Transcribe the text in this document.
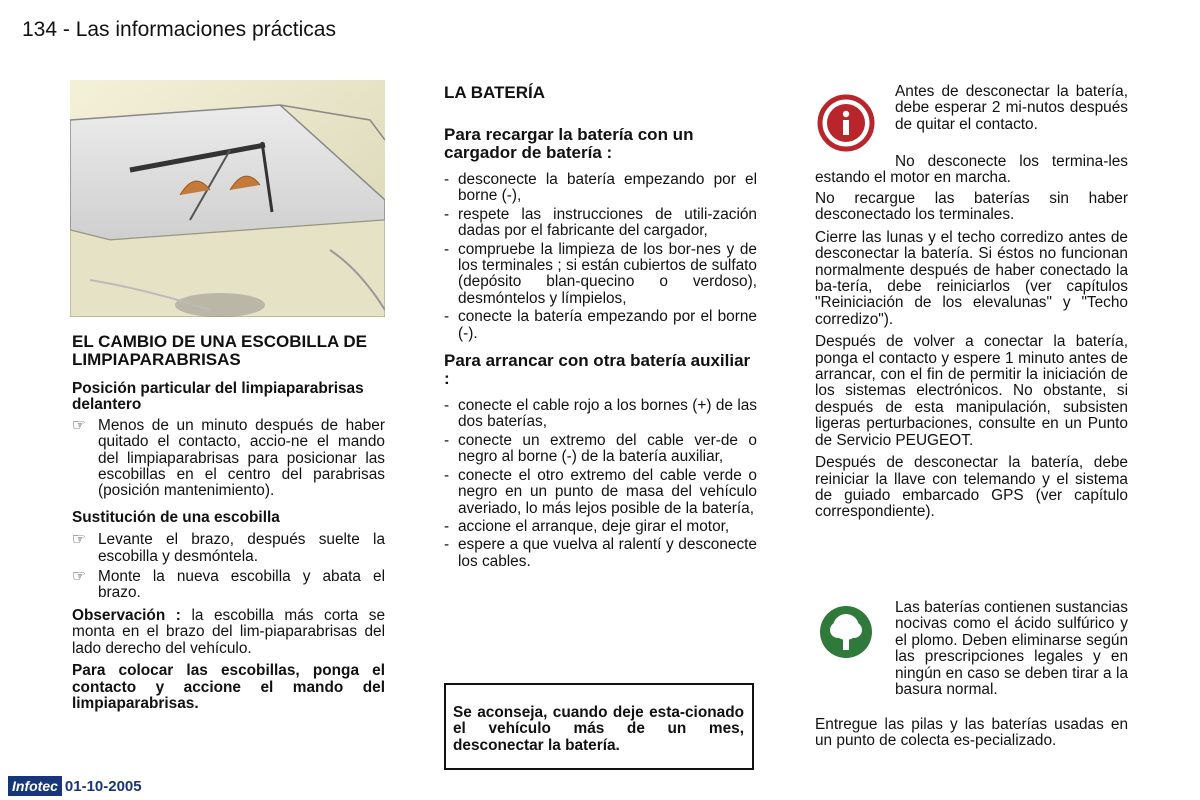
134 - Las informaciones prácticas
EL CAMBIO DE UNA ESCOBILLA DE LIMPIAPARABRISAS
Posición particular del limpiaparabrisas delantero
☞ Menos de un minuto después de haber quitado el contacto, accio-ne el mando del limpiaparabrisas para posicionar las escobillas en el centro del parabrisas (posición mantenimiento).
Sustitución de una escobilla
☞ Levante el brazo, después suelte la escobilla y desmóntela.
☞ Monte la nueva escobilla y abata el brazo.

Observación : la escobilla más corta se monta en el brazo del lim-piaparabrisas del lado derecho del vehículo.

Para colocar las escobillas, ponga el contacto y accione el mando del limpiaparabrisas.

LA BATERÍA
Para recargar la batería con un cargador de batería :
- desconecte la batería empezando por el borne (-),
- respete las instrucciones de utili-zación dadas por el fabricante del cargador,
- compruebe la limpieza de los bor-nes y de los terminales ; si están cubiertos de sulfato (depósito blan-quecino o verdoso), desmóntelos y límpielos,
- conecte la batería empezando por el borne (-).
Para arrancar con otra batería auxiliar :
- conecte el cable rojo a los bornes (+) de las dos baterías,
- conecte un extremo del cable ver-de o negro al borne (-) de la batería auxiliar,
- conecte el otro extremo del cable verde o negro en un punto de masa del vehículo averiado, lo más lejos posible de la batería,
- accione el arranque, deje girar el motor,
- espere a que vuelva al ralentí y desconecte los cables.
Se aconseja, cuando deje esta-cionado el vehículo más de un mes, desconectar la batería.
Antes de desconectar la batería, debe esperar 2 mi-nutos después de quitar el contacto.
No desconecte los termina-les estando el motor en marcha.

No recargue las baterías sin haber desconectado los terminales.

Cierre las lunas y el techo corredizo antes de desconectar la batería. Si éstos no funcionan normalmente después de haber conectado la ba-tería, debe reiniciarlos (ver capítulos "Reiniciación de los elevalunas" y "Techo corredizo").

Después de volver a conectar la batería, ponga el contacto y espere 1 minuto antes de arrancar, con el fin de permitir la iniciación de los sistemas electrónicos. No obstante, si después de esta manipulación, subsisten ligeras perturbaciones, consulte en un Punto de Servicio PEUGEOT.

Después de desconectar la batería, debe reiniciar la llave con telemando y el sistema de guiado embarcado GPS (ver capítulo correspondiente).

Las baterías contienen sustancias nocivas como el ácido sulfúrico y el plomo. Deben eliminarse según las prescripciones legales y en ningún en caso se deben tirar a la basura normal.
Entregue las pilas y las baterías usadas en un punto de colecta es-pecializado.
Infotec 01-10-2005
